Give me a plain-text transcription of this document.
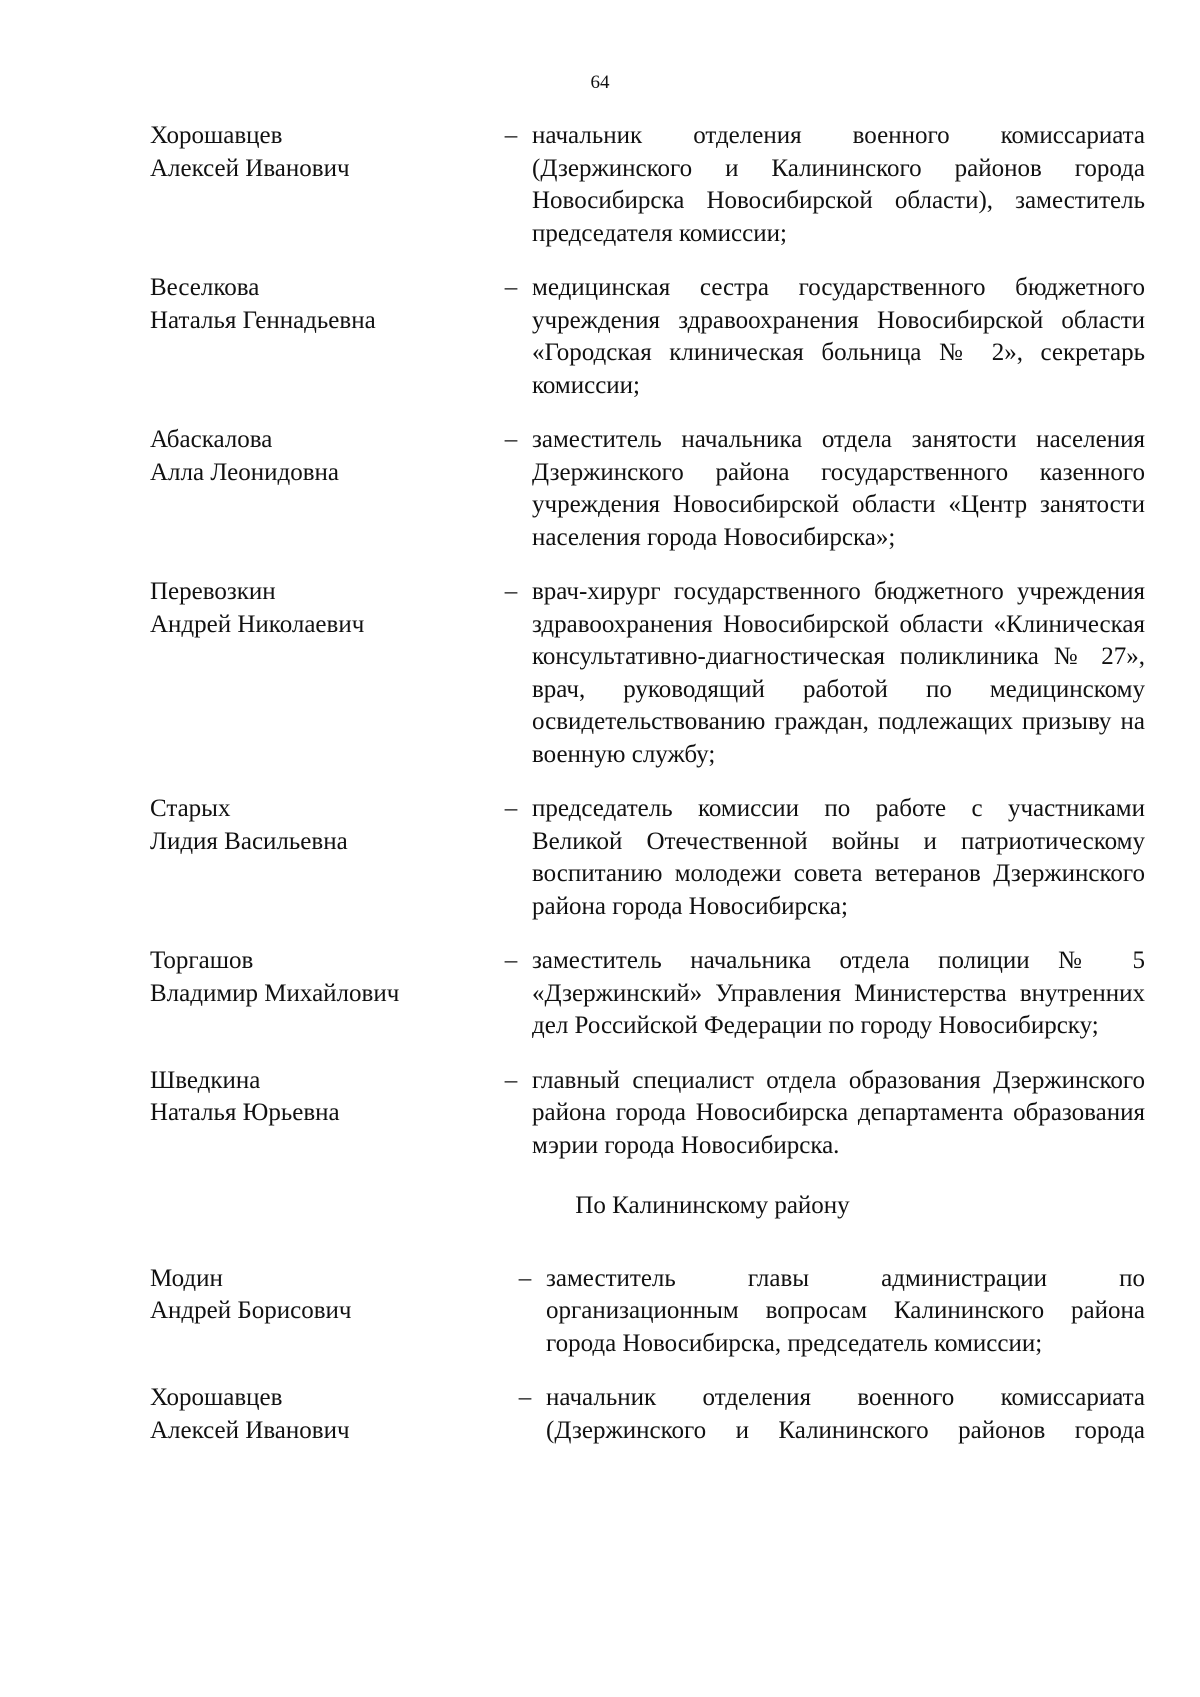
64
Хорошавцев
Алексей Иванович
– начальник отделения военного комиссариата (Дзержинского и Калининского районов города Новосибирска Новосибирской области), заместитель председателя комиссии;
Веселкова
Наталья Геннадьевна
– медицинская сестра государственного бюджетного учреждения здравоохранения Новосибирской области «Городская клиническая больница № 2», секретарь комиссии;
Абаскалова
Алла Леонидовна
– заместитель начальника отдела занятости населения Дзержинского района государственного казенного учреждения Новосибирской области «Центр занятости населения города Новосибирска»;
Перевозкин
Андрей Николаевич
– врач-хирург государственного бюджетного учреждения здравоохранения Новосибирской области «Клиническая консультативно-диагностическая поликлиника № 27», врач, руководящий работой по медицинскому освидетельствованию граждан, подлежащих призыву на военную службу;
Старых
Лидия Васильевна
– председатель комиссии по работе с участниками Великой Отечественной войны и патриотическому воспитанию молодежи совета ветеранов Дзержинского района города Новосибирска;
Торгашов
Владимир Михайлович
– заместитель начальника отдела полиции № 5 «Дзержинский» Управления Министерства внутренних дел Российской Федерации по городу Новосибирску;
Шведкина
Наталья Юрьевна
– главный специалист отдела образования Дзержинского района города Новосибирска департамента образования мэрии города Новосибирска.
По Калининскому району
Модин
Андрей Борисович
– заместитель главы администрации по организационным вопросам Калининского района города Новосибирска, председатель комиссии;
Хорошавцев
Алексей Иванович
– начальник отделения военного комиссариата (Дзержинского и Калининского районов города
